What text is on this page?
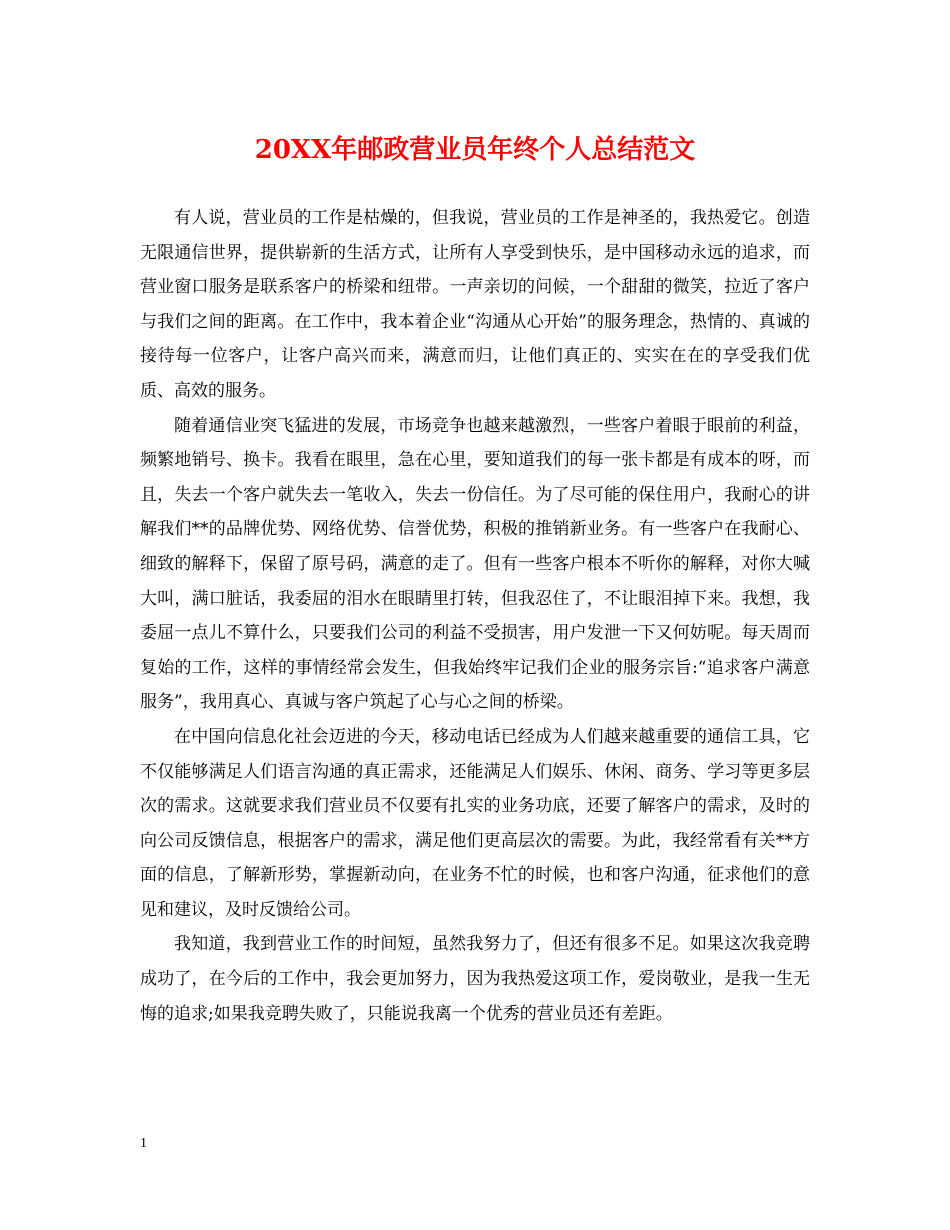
20XX年邮政营业员年终个人总结范文

有人说，营业员的工作是枯燥的，但我说，营业员的工作是神圣的，我热爱它。创造无限通信世界，提供崭新的生活方式，让所有人享受到快乐，是中国移动永远的追求，而营业窗口服务是联系客户的桥梁和纽带。一声亲切的问候，一个甜甜的微笑，拉近了客户与我们之间的距离。在工作中，我本着企业“沟通从心开始”的服务理念，热情的、真诚的接待每一位客户，让客户高兴而来，满意而归，让他们真正的、实实在在的享受我们优质、高效的服务。

随着通信业突飞猛进的发展，市场竞争也越来越激烈，一些客户着眼于眼前的利益，频繁地销号、换卡。我看在眼里，急在心里，要知道我们的每一张卡都是有成本的呀，而且，失去一个客户就失去一笔收入，失去一份信任。为了尽可能的保住用户，我耐心的讲解我们**的品牌优势、网络优势、信誉优势，积极的推销新业务。有一些客户在我耐心、细致的解释下，保留了原号码，满意的走了。但有一些客户根本不听你的解释，对你大喊大叫，满口脏话，我委屈的泪水在眼睛里打转，但我忍住了，不让眼泪掉下来。我想，我委屈一点儿不算什么，只要我们公司的利益不受损害，用户发泄一下又何妨呢。每天周而复始的工作，这样的事情经常会发生，但我始终牢记我们企业的服务宗旨:“追求客户满意服务”，我用真心、真诚与客户筑起了心与心之间的桥梁。

在中国向信息化社会迈进的今天，移动电话已经成为人们越来越重要的通信工具，它不仅能够满足人们语言沟通的真正需求，还能满足人们娱乐、休闲、商务、学习等更多层次的需求。这就要求我们营业员不仅要有扎实的业务功底，还要了解客户的需求，及时的向公司反馈信息，根据客户的需求，满足他们更高层次的需要。为此，我经常看有关**方面的信息，了解新形势，掌握新动向，在业务不忙的时候，也和客户沟通，征求他们的意见和建议，及时反馈给公司。

我知道，我到营业工作的时间短，虽然我努力了，但还有很多不足。如果这次我竞聘成功了，在今后的工作中，我会更加努力，因为我热爱这项工作，爱岗敬业，是我一生无悔的追求;如果我竞聘失败了，只能说我离一个优秀的营业员还有差距。

1
